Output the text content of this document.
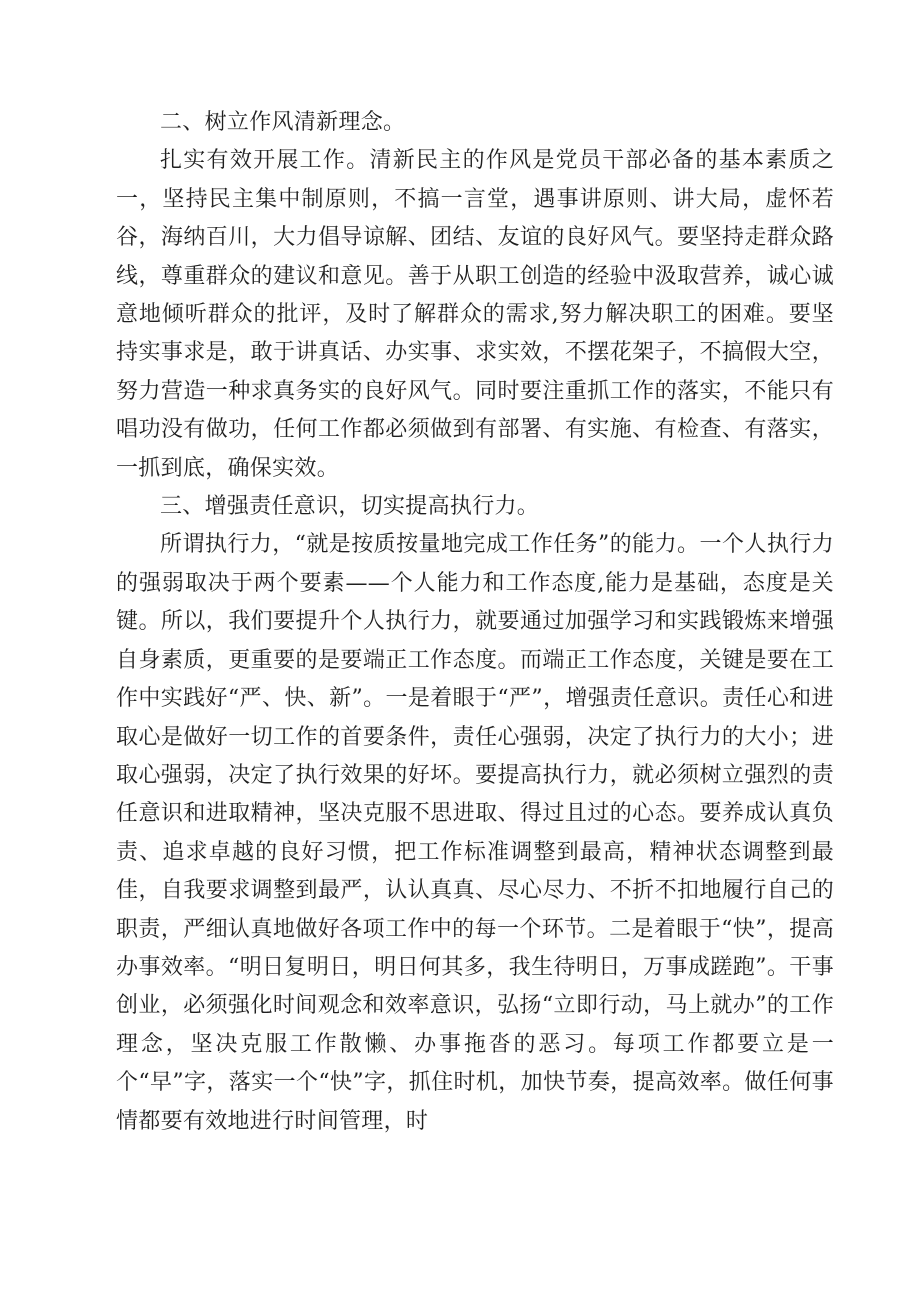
二、树立作风清新理念。

扎实有效开展工作。清新民主的作风是党员干部必备的基本素质之一，坚持民主集中制原则，不搞一言堂，遇事讲原则、讲大局，虚怀若谷，海纳百川，大力倡导谅解、团结、友谊的良好风气。要坚持走群众路线，尊重群众的建议和意见。善于从职工创造的经验中汲取营养，诚心诚意地倾听群众的批评，及时了解群众的需求,努力解决职工的困难。要坚持实事求是，敢于讲真话、办实事、求实效，不摆花架子，不搞假大空，努力营造一种求真务实的良好风气。同时要注重抓工作的落实，不能只有唱功没有做功，任何工作都必须做到有部署、有实施、有检查、有落实，一抓到底，确保实效。

三、增强责任意识，切实提高执行力。

所谓执行力，“就是按质按量地完成工作任务”的能力。一个人执行力的强弱取决于两个要素——个人能力和工作态度,能力是基础，态度是关键。所以，我们要提升个人执行力，就要通过加强学习和实践锻炼来增强自身素质，更重要的是要端正工作态度。而端正工作态度，关键是要在工作中实践好“严、快、新”。一是着眼于“严”，增强责任意识。责任心和进取心是做好一切工作的首要条件，责任心强弱，决定了执行力的大小；进取心强弱，决定了执行效果的好坏。要提高执行力，就必须树立强烈的责任意识和进取精神，坚决克服不思进取、得过且过的心态。要养成认真负责、追求卓越的良好习惯，把工作标准调整到最高，精神状态调整到最佳，自我要求调整到最严，认认真真、尽心尽力、不折不扣地履行自己的职责，严细认真地做好各项工作中的每一个环节。二是着眼于“快”，提高办事效率。“明日复明日，明日何其多，我生待明日，万事成蹉跑”。干事创业，必须强化时间观念和效率意识，弘扬“立即行动，马上就办”的工作理念，坚决克服工作散懒、办事拖沓的恶习。每项工作都要立是一个“早”字，落实一个“快”字，抓住时机，加快节奏，提高效率。做任何事情都要有效地进行时间管理，时
